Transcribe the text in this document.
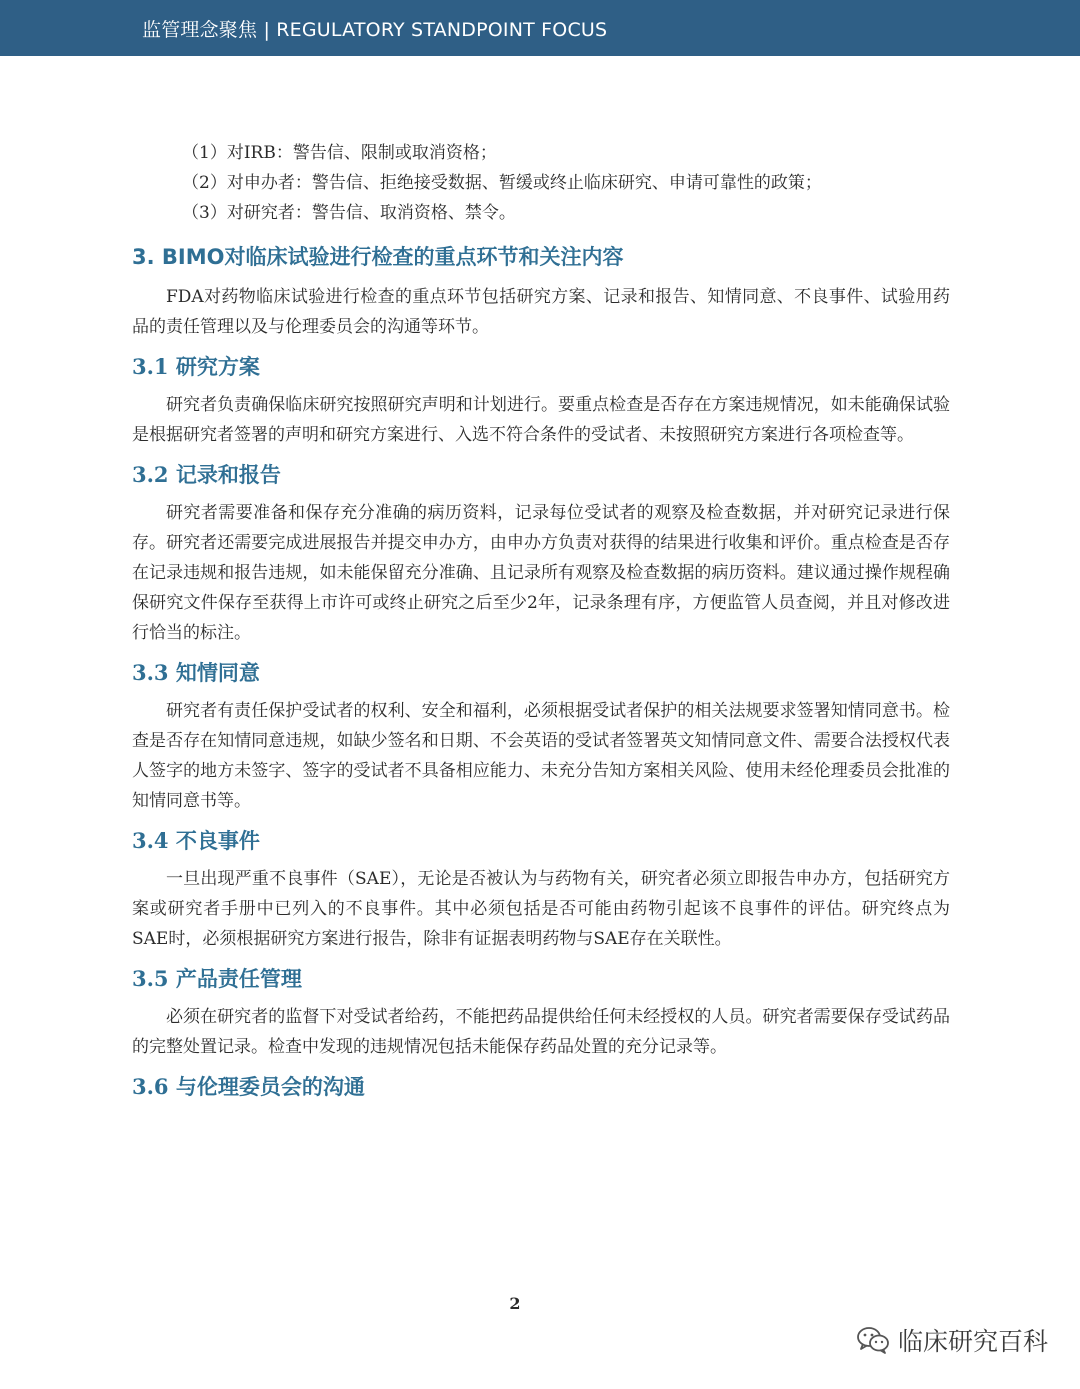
监管理念聚焦 | REGULATORY STANDPOINT FOCUS
（1）对IRB：警告信、限制或取消资格；
（2）对申办者：警告信、拒绝接受数据、暂缓或终止临床研究、申请可靠性的政策；
（3）对研究者：警告信、取消资格、禁令。
3. BIMO对临床试验进行检查的重点环节和关注内容

FDA对药物临床试验进行检查的重点环节包括研究方案、记录和报告、知情同意、不良事件、试验用药品的责任管理以及与伦理委员会的沟通等环节。

3.1 研究方案

研究者负责确保临床研究按照研究声明和计划进行。要重点检查是否存在方案违规情况，如未能确保试验是根据研究者签署的声明和研究方案进行、入选不符合条件的受试者、未按照研究方案进行各项检查等。

3.2 记录和报告

研究者需要准备和保存充分准确的病历资料，记录每位受试者的观察及检查数据，并对研究记录进行保存。研究者还需要完成进展报告并提交申办方，由申办方负责对获得的结果进行收集和评价。重点检查是否存在记录违规和报告违规，如未能保留充分准确、且记录所有观察及检查数据的病历资料。建议通过操作规程确保研究文件保存至获得上市许可或终止研究之后至少2年，记录条理有序，方便监管人员查阅，并且对修改进行恰当的标注。

3.3 知情同意

研究者有责任保护受试者的权利、安全和福利，必须根据受试者保护的相关法规要求签署知情同意书。检查是否存在知情同意违规，如缺少签名和日期、不会英语的受试者签署英文知情同意文件、需要合法授权代表人签字的地方未签字、签字的受试者不具备相应能力、未充分告知方案相关风险、使用未经伦理委员会批准的知情同意书等。

3.4 不良事件

一旦出现严重不良事件（SAE），无论是否被认为与药物有关，研究者必须立即报告申办方，包括研究方案或研究者手册中已列入的不良事件。其中必须包括是否可能由药物引起该不良事件的评估。研究终点为SAE时，必须根据研究方案进行报告，除非有证据表明药物与SAE存在关联性。

3.5 产品责任管理

必须在研究者的监督下对受试者给药，不能把药品提供给任何未经授权的人员。研究者需要保存受试药品的完整处置记录。检查中发现的违规情况包括未能保存药品处置的充分记录等。

3.6 与伦理委员会的沟通
2
临床研究百科
